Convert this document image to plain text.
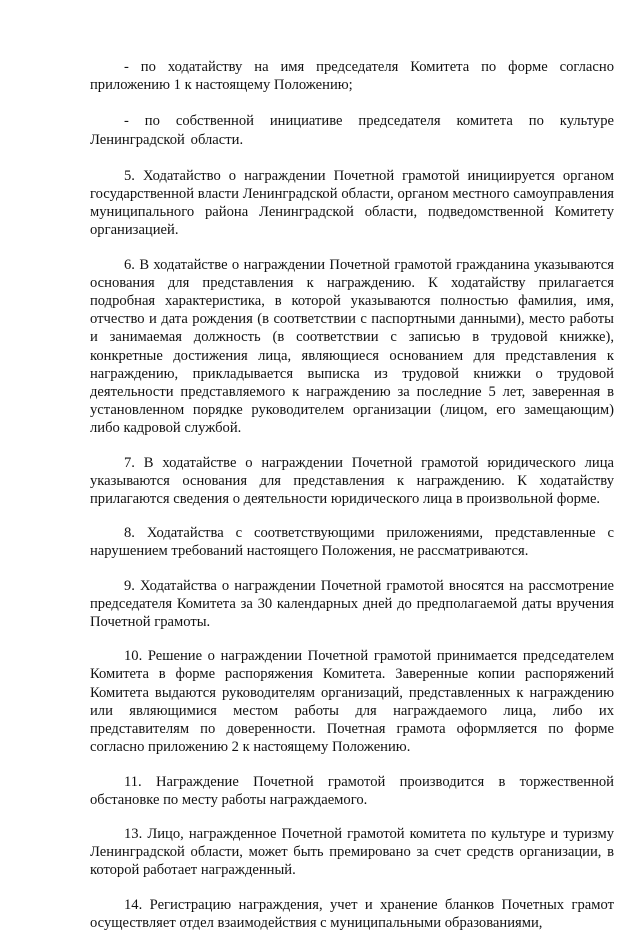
- по ходатайству на имя председателя Комитета по форме согласно приложению 1 к настоящему Положению;

- по собственной инициативе председателя комитета по культуре Ленинградской области.

5. Ходатайство о награждении Почетной грамотой инициируется органом государственной власти Ленинградской области, органом местного самоуправления муниципального района Ленинградской области, подведомственной Комитету организацией.

6. В ходатайстве о награждении Почетной грамотой гражданина указываются основания для представления к награждению. К ходатайству прилагается подробная характеристика, в которой указываются полностью фамилия, имя, отчество и дата рождения (в соответствии с паспортными данными), место работы и занимаемая должность (в соответствии с записью в трудовой книжке), конкретные достижения лица, являющиеся основанием для представления к награждению, прикладывается выписка из трудовой книжки о трудовой деятельности представляемого к награждению за последние 5 лет, заверенная в установленном порядке руководителем организации (лицом, его замещающим) либо кадровой службой.

7. В ходатайстве о награждении Почетной грамотой юридического лица указываются основания для представления к награждению. К ходатайству прилагаются сведения о деятельности юридического лица в произвольной форме.

8. Ходатайства с соответствующими приложениями, представленные с нарушением требований настоящего Положения, не рассматриваются.

9. Ходатайства о награждении Почетной грамотой вносятся на рассмотрение председателя Комитета за 30 календарных дней до предполагаемой даты вручения Почетной грамоты.

10. Решение о награждении Почетной грамотой принимается председателем Комитета в форме распоряжения Комитета. Заверенные копии распоряжений Комитета выдаются руководителям организаций, представленных к награждению или являющимися местом работы для награждаемого лица, либо их представителям по доверенности. Почетная грамота оформляется по форме согласно приложению 2 к настоящему Положению.

11. Награждение Почетной грамотой производится в торжественной обстановке по месту работы награждаемого.

13. Лицо, награжденное Почетной грамотой комитета по культуре и туризму Ленинградской области, может быть премировано за счет средств организации, в которой работает награжденный.

14. Регистрацию награждения, учет и хранение бланков Почетных грамот осуществляет отдел взаимодействия с муниципальными образованиями,
